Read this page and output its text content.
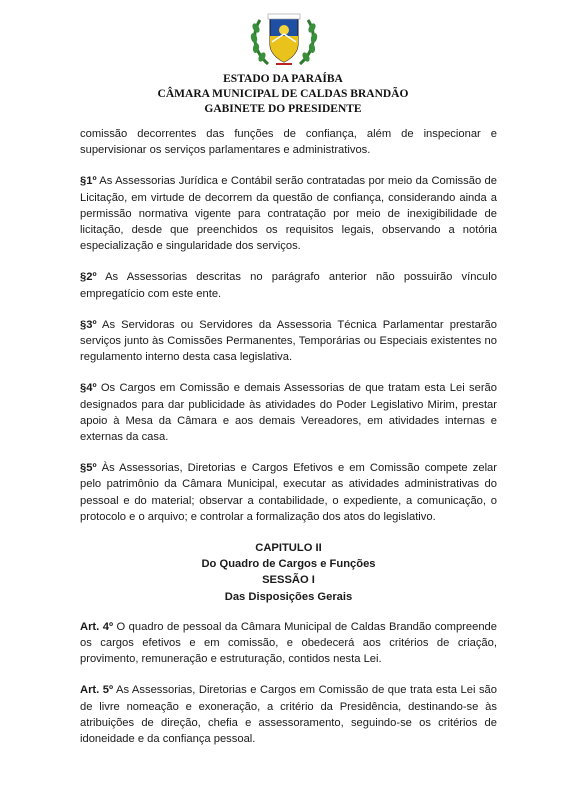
ESTADO DA PARAÍBA
CÂMARA MUNICIPAL DE CALDAS BRANDÃO
GABINETE DO PRESIDENTE

comissão decorrentes das funções de confiança, além de inspecionar e supervisionar os serviços parlamentares e administrativos.

§1º As Assessorias Jurídica e Contábil serão contratadas por meio da Comissão de Licitação, em virtude de decorrem da questão de confiança, considerando ainda a permissão normativa vigente para contratação por meio de inexigibilidade de licitação, desde que preenchidos os requisitos legais, observando a notória especialização e singularidade dos serviços.

§2º As Assessorias descritas no parágrafo anterior não possuirão vínculo empregatício com este ente.

§3º As Servidoras ou Servidores da Assessoria Técnica Parlamentar prestarão serviços junto às Comissões Permanentes, Temporárias ou Especiais existentes no regulamento interno desta casa legislativa.

§4º Os Cargos em Comissão e demais Assessorias de que tratam esta Lei serão designados para dar publicidade às atividades do Poder Legislativo Mirim, prestar apoio à Mesa da Câmara e aos demais Vereadores, em atividades internas e externas da casa.

§5º Às Assessorias, Diretorias e Cargos Efetivos e em Comissão compete zelar pelo patrimônio da Câmara Municipal, executar as atividades administrativas do pessoal e do material; observar a contabilidade, o expediente, a comunicação, o protocolo e o arquivo; e controlar a formalização dos atos do legislativo.

CAPITULO II

Do Quadro de Cargos e Funções

SESSÃO I

Das Disposições Gerais

Art. 4º O quadro de pessoal da Câmara Municipal de Caldas Brandão compreende os cargos efetivos e em comissão, e obedecerá aos critérios de criação, provimento, remuneração e estruturação, contidos nesta Lei.

Art. 5º As Assessorias, Diretorias e Cargos em Comissão de que trata esta Lei são de livre nomeação e exoneração, a critério da Presidência, destinando-se às atribuições de direção, chefia e assessoramento, seguindo-se os critérios de idoneidade e da confiança pessoal.
